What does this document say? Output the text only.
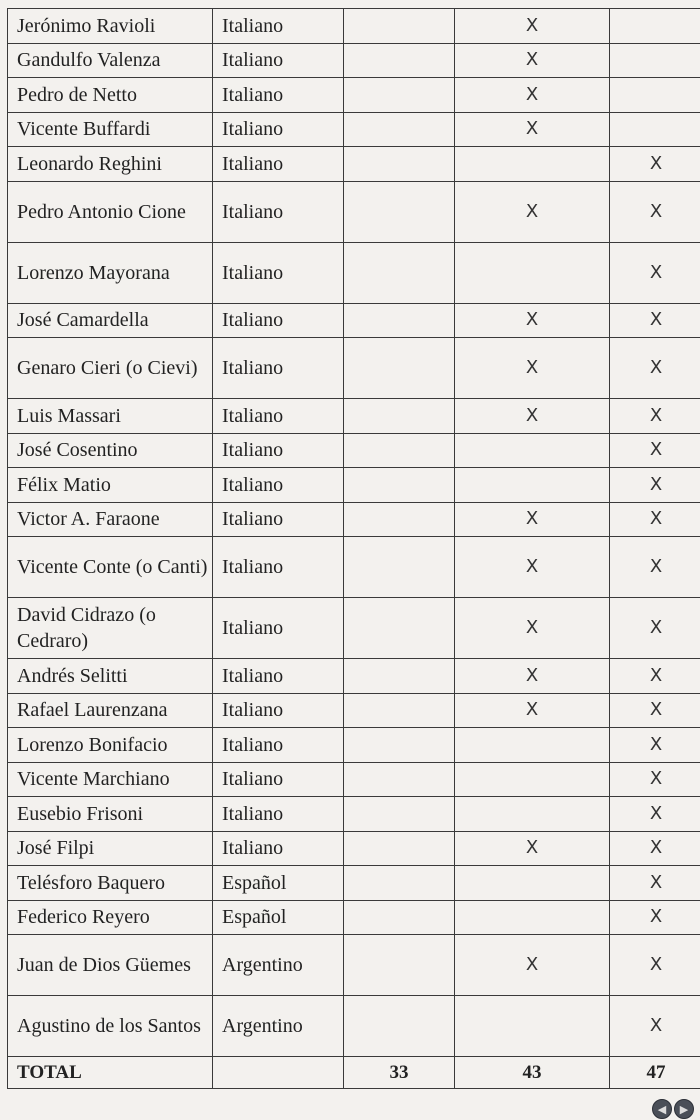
Jerónimo Ravioli	Italiano		X	
Gandulfo Valenza	Italiano		X	
Pedro de Netto	Italiano		X	
Vicente Buffardi	Italiano		X	
Leonardo Reghini	Italiano			X
Pedro Antonio Cione	Italiano		X	X
Lorenzo Mayorana	Italiano			X
José Camardella	Italiano		X	X
Genaro Cieri (o Cievi)	Italiano		X	X
Luis Massari	Italiano		X	X
José Cosentino	Italiano			X
Félix Matio	Italiano			X
Victor A. Faraone	Italiano		X	X
Vicente Conte (o Canti)	Italiano		X	X
David Cidrazo (o Cedraro)	Italiano		X	X
Andrés Selitti	Italiano		X	X
Rafael Laurenzana	Italiano		X	X
Lorenzo Bonifacio	Italiano			X
Vicente Marchiano	Italiano			X
Eusebio Frisoni	Italiano			X
José Filpi	Italiano		X	X
Telésforo Baquero	Español			X
Federico Reyero	Español			X
Juan de Dios Güemes	Argentino		X	X
Agustino de los Santos	Argentino			X
TOTAL		33	43	47
◀	▶
